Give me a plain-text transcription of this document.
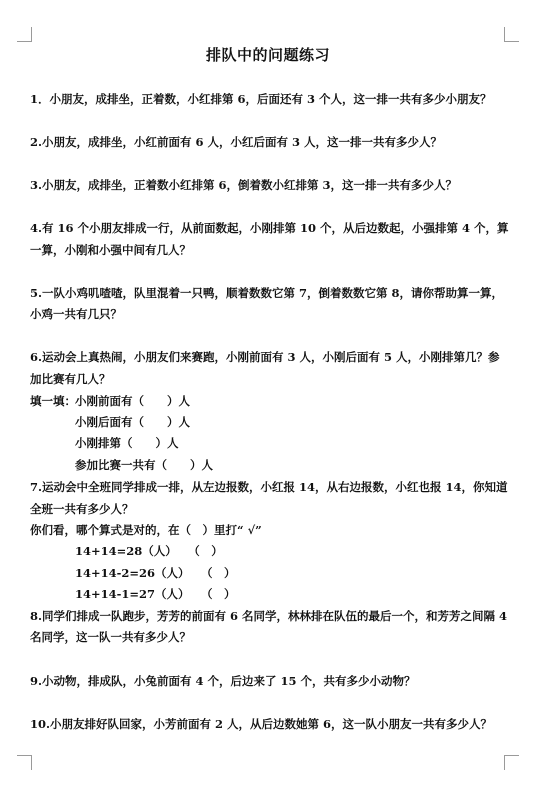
排队中的问题练习
1．小朋友，成排坐，正着数，小红排第 6，后面还有 3 个人，这一排一共有多少小朋友？
2.小朋友，成排坐，小红前面有 6 人，小红后面有 3 人，这一排一共有多少人？
3.小朋友，成排坐，正着数小红排第 6，倒着数小红排第 3，这一排一共有多少人？
4.有 16 个小朋友排成一行，从前面数起，小刚排第 10 个，从后边数起，小强排第 4 个，算
一算，小刚和小强中间有几人？
5.一队小鸡叽喳喳，队里混着一只鸭，顺着数数它第 7，倒着数数它第 8，请你帮助算一算，
小鸡一共有几只？
6.运动会上真热闹，小朋友们来赛跑，小刚前面有 3 人，小刚后面有 5 人，小刚排第几？参
加比赛有几人？
填一填： 小刚前面有（　　）人
小刚后面有（　　）人
小刚排第（　　）人
参加比赛一共有（　　）人
7.运动会中全班同学排成一排，从左边报数，小红报 14，从右边报数，小红也报 14，你知道
全班一共有多少人？
你们看，哪个算式是对的，在（　）里打“ √”
14+14=28（人）　　（　）
14+14-2=26（人）　　（　）
14+14-1=27（人）　　（　）
8.同学们排成一队跑步，芳芳的前面有 6 名同学，林林排在队伍的最后一个，和芳芳之间隔 4
名同学，这一队一共有多少人？
9.小动物，排成队，小兔前面有 4 个，后边来了 15 个，共有多少小动物？
10.小朋友排好队回家，小芳前面有 2 人，从后边数她第 6，这一队小朋友一共有多少人？
